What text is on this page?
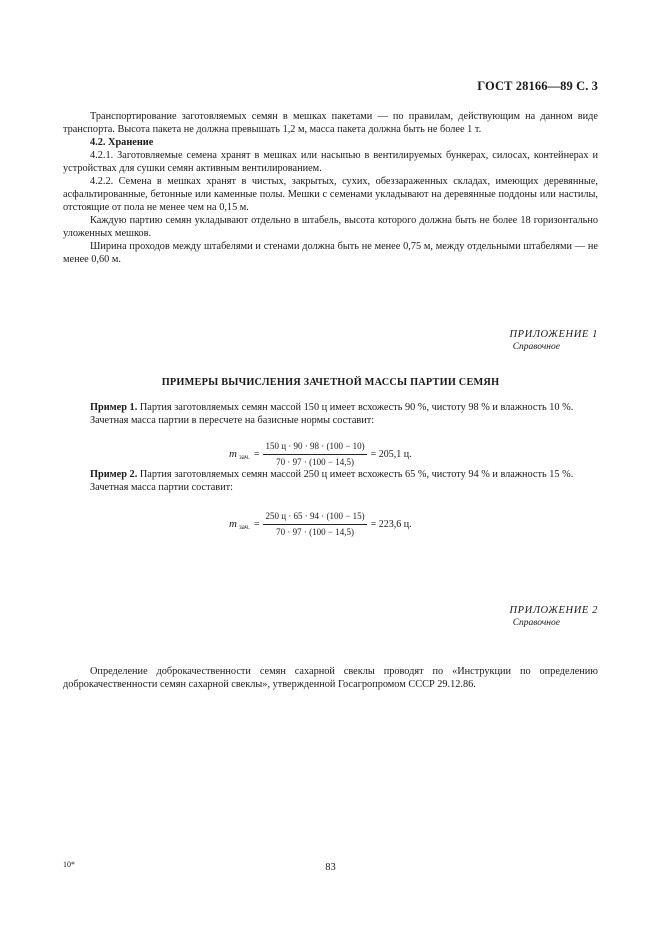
ГОСТ 28166—89 С. 3

Транспортирование заготовляемых семян в мешках пакетами — по правилам, действующим на данном виде транспорта. Высота пакета не должна превышать 1,2 м, масса пакета должна быть не более 1 т.

4.2. Хранение

4.2.1. Заготовляемые семена хранят в мешках или насыпью в вентилируемых бункерах, силосах, контейнерах и устройствах для сушки семян активным вентилированием.

4.2.2. Семена в мешках хранят в чистых, закрытых, сухих, обеззараженных складах, имеющих деревянные, асфальтированные, бетонные или каменные полы. Мешки с семенами укладывают на деревянные поддоны или настилы, отстоящие от пола не менее чем на 0,15 м.

Каждую партию семян укладывают отдельно в штабель, высота которого должна быть не более 18 горизонтально уложенных мешков.

Ширина проходов между штабелями и стенами должна быть не менее 0,75 м, между отдельными штабелями — не менее 0,60 м.

ПРИЛОЖЕНИЕ 1
Справочное
ПРИМЕРЫ ВЫЧИСЛЕНИЯ ЗАЧЕТНОЙ МАССЫ ПАРТИИ СЕМЯН

Пример 1. Партия заготовляемых семян массой 150 ц имеет всхожесть 90 %, чистоту 98 % и влажность 10 %.

Зачетная масса партии в пересчете на базисные нормы составит:

m зач. = $\frac{150 ц \cdot 90 \cdot 98 \cdot (100 - 10)}{70 \cdot 97 \cdot (100 - 14,5)} = 205,1$ ц.

Пример 2. Партия заготовляемых семян массой 250 ц имеет всхожесть 65 %, чистоту 94 % и влажность 15 %.

Зачетная масса партии составит:

m зач. = $\frac{250 ц \cdot 65 \cdot 94 \cdot (100 - 15)}{70 \cdot 97 \cdot (100 - 14,5)} = 223,6$ ц.
ПРИЛОЖЕНИЕ 2
Справочное

Определение доброкачественности семян сахарной свеклы проводят по «Инструкции по определению доброкачественности семян сахарной свеклы», утвержденной Госагропромом СССР 29.12.86.

10*	83
